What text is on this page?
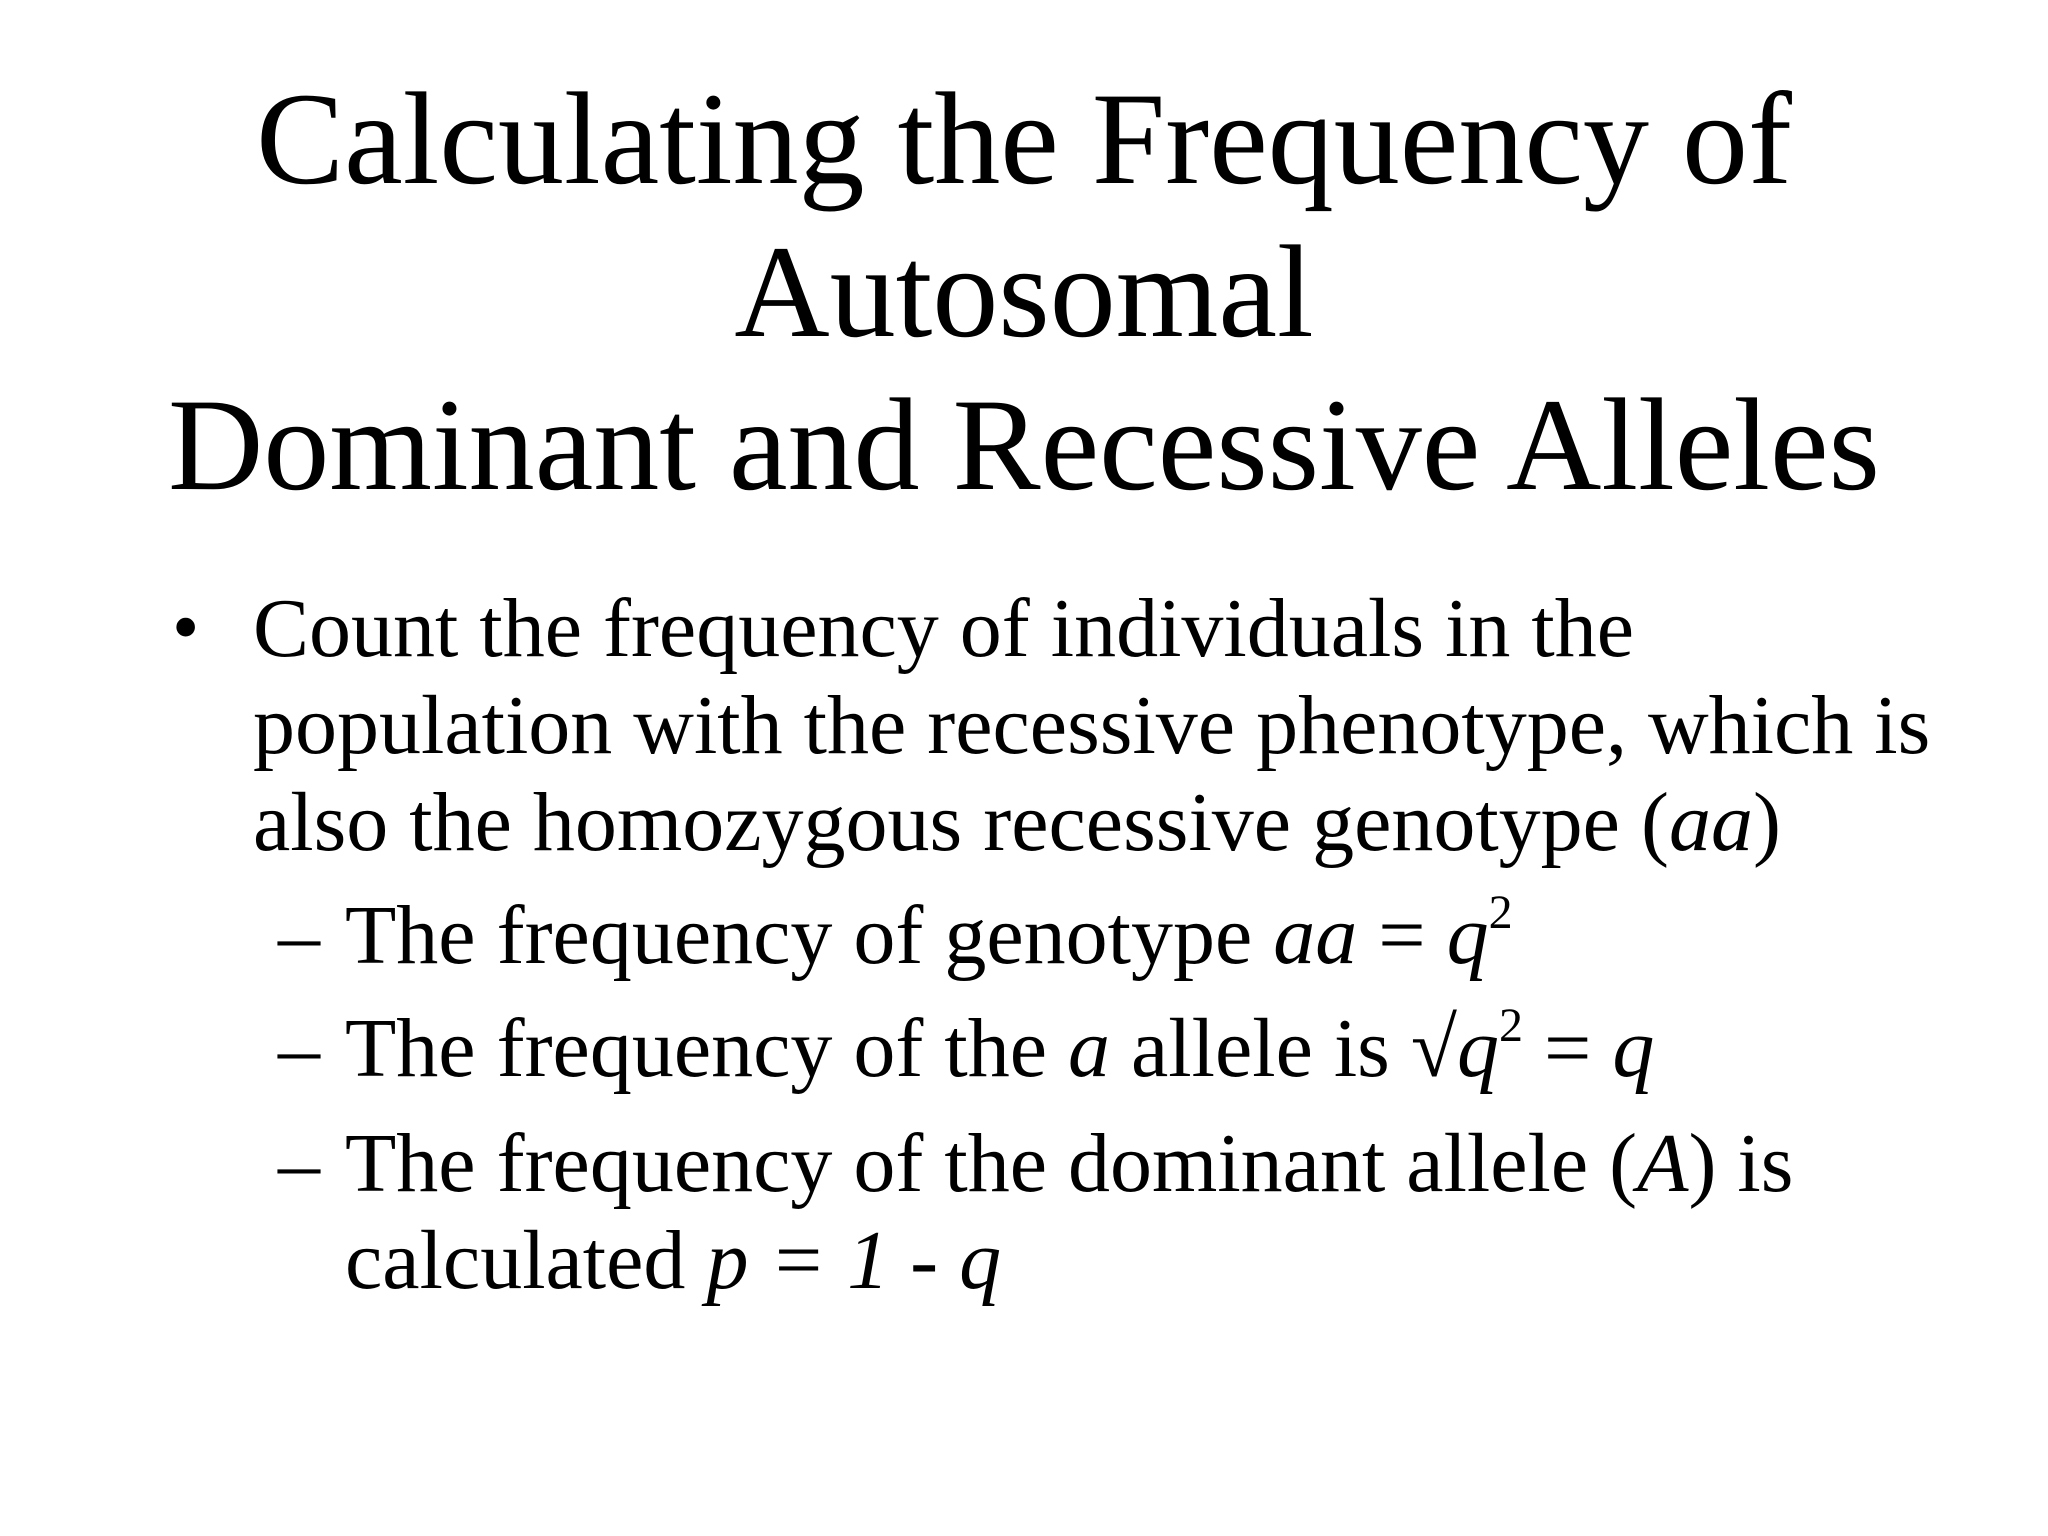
Calculating the Frequency of
Autosomal
Dominant and Recessive Alleles
• Count the frequency of individuals in the
population with the recessive phenotype, which is
also the homozygous recessive genotype (aa)
– The frequency of genotype aa = $q^2$
– The frequency of the a allele is $√q^2 = q$
– The frequency of the dominant allele (A) is
calculated p = 1 - q
